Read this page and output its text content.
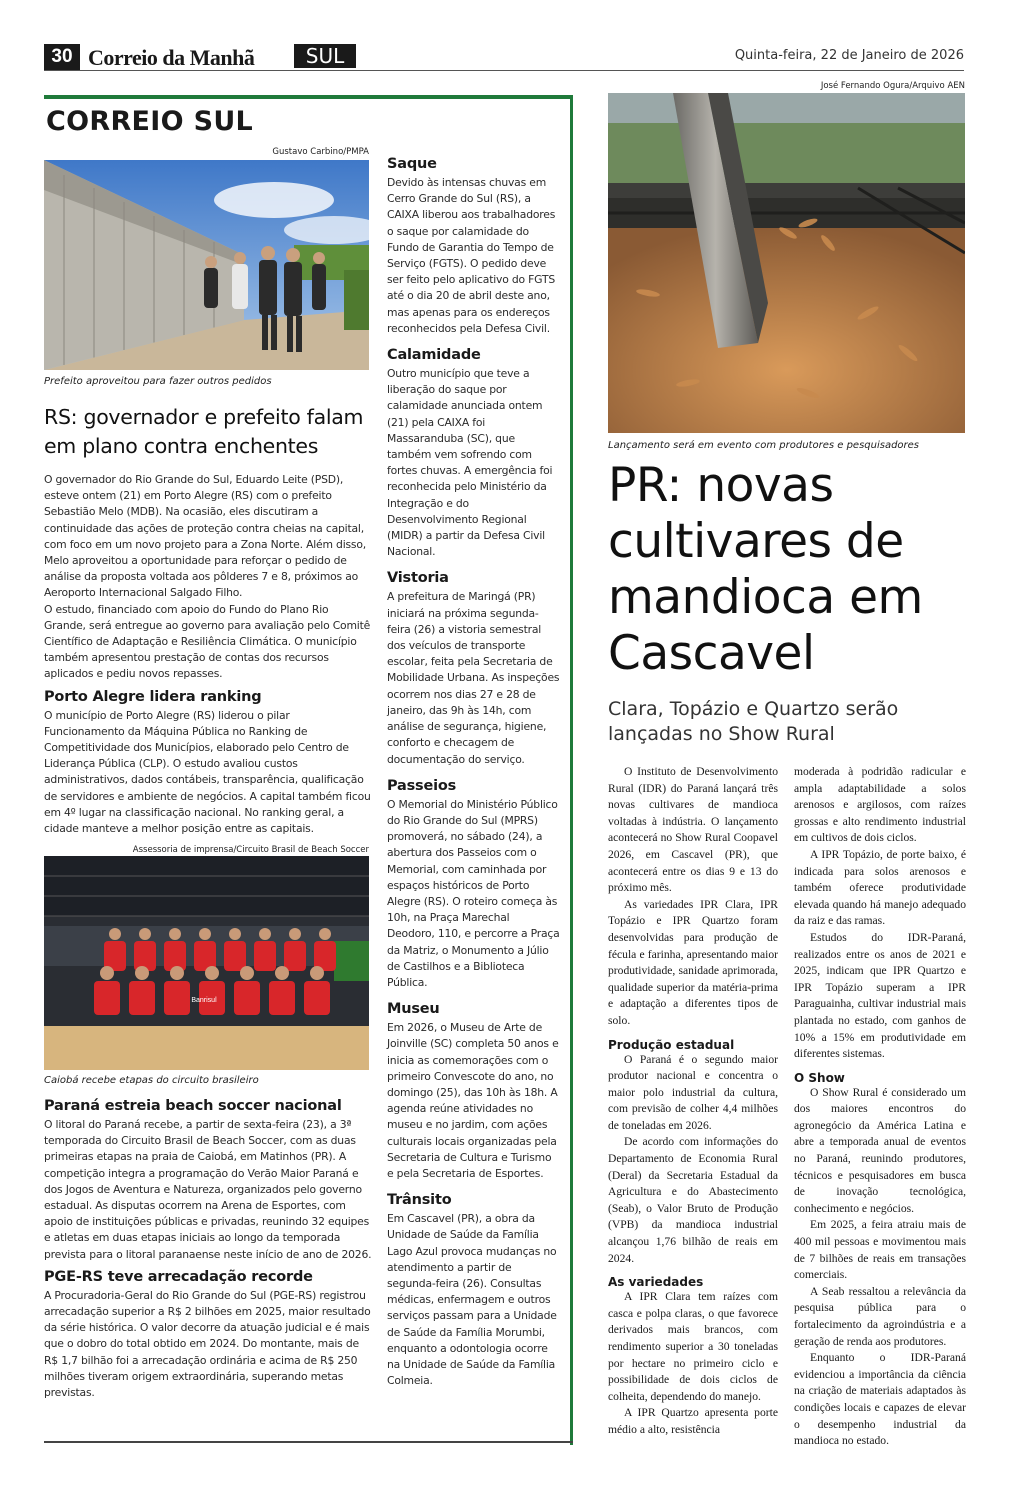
30 Correio da Manhã	SUL	Quinta-feira, 22 de Janeiro de 2026
CORREIO SUL
Gustavo Carbino/PMPA
Prefeito aproveitou para fazer outros pedidos
RS: governador e prefeito falam em plano contra enchentes

O governador do Rio Grande do Sul, Eduardo Leite (PSD), esteve ontem (21) em Porto Alegre (RS) com o prefeito Sebastião Melo (MDB). Na ocasião, eles discutiram a continuidade das ações de proteção contra cheias na capital, com foco em um novo projeto para a Zona Norte. Além disso, Melo aproveitou a oportunidade para reforçar o pedido de análise da proposta voltada aos pôlderes 7 e 8, próximos ao Aeroporto Internacional Salgado Filho.

O estudo, financiado com apoio do Fundo do Plano Rio Grande, será entregue ao governo para avaliação pelo Comitê Científico de Adaptação e Resiliência Climática. O município também apresentou prestação de contas dos recursos aplicados e pediu novos repasses.

Porto Alegre lidera ranking

O município de Porto Alegre (RS) liderou o pilar Funcionamento da Máquina Pública no Ranking de Competitividade dos Municípios, elaborado pelo Centro de Liderança Pública (CLP). O estudo avaliou custos administrativos, dados contábeis, transparência, qualificação de servidores e ambiente de negócios. A capital também ficou em 4º lugar na classificação nacional. No ranking geral, a cidade manteve a melhor posição entre as capitais.

Assessoria de imprensa/Circuito Brasil de Beach Soccer
Banrisul
Caiobá recebe etapas do circuito brasileiro
Paraná estreia beach soccer nacional

O litoral do Paraná recebe, a partir de sexta-feira (23), a 3ª temporada do Circuito Brasil de Beach Soccer, com as duas primeiras etapas na praia de Caiobá, em Matinhos (PR). A competição integra a programação do Verão Maior Paraná e dos Jogos de Aventura e Natureza, organizados pelo governo estadual. As disputas ocorrem na Arena de Esportes, com apoio de instituições públicas e privadas, reunindo 32 equipes e atletas em duas etapas iniciais ao longo da temporada prevista para o litoral paranaense neste início de ano de 2026.

PGE-RS teve arrecadação recorde

A Procuradoria-Geral do Rio Grande do Sul (PGE-RS) registrou arrecadação superior a R$ 2 bilhões em 2025, maior resultado da série histórica. O valor decorre da atuação judicial e é mais que o dobro do total obtido em 2024. Do montante, mais de R$ 1,7 bilhão foi a arrecadação ordinária e acima de R$ 250 milhões tiveram origem extraordinária, superando metas previstas.

Saque

Devido às intensas chuvas em Cerro Grande do Sul (RS), a CAIXA liberou aos trabalhadores o saque por calamidade do Fundo de Garantia do Tempo de Serviço (FGTS). O pedido deve ser feito pelo aplicativo do FGTS até o dia 20 de abril deste ano, mas apenas para os endereços reconhecidos pela Defesa Civil.

Calamidade

Outro município que teve a liberação do saque por calamidade anunciada ontem (21) pela CAIXA foi Massaranduba (SC), que também vem sofrendo com fortes chuvas. A emergência foi reconhecida pelo Ministério da Integração e do Desenvolvimento Regional (MIDR) a partir da Defesa Civil Nacional.

Vistoria

A prefeitura de Maringá (PR) iniciará na próxima segunda-feira (26) a vistoria semestral dos veículos de transporte escolar, feita pela Secretaria de Mobilidade Urbana. As inspeções ocorrem nos dias 27 e 28 de janeiro, das 9h às 14h, com análise de segurança, higiene, conforto e checagem de documentação do serviço.

Passeios

O Memorial do Ministério Público do Rio Grande do Sul (MPRS) promoverá, no sábado (24), a abertura dos Passeios com o Memorial, com caminhada por espaços históricos de Porto Alegre (RS). O roteiro começa às 10h, na Praça Marechal Deodoro, 110, e percorre a Praça da Matriz, o Monumento a Júlio de Castilhos e a Biblioteca Pública.

Museu

Em 2026, o Museu de Arte de Joinville (SC) completa 50 anos e inicia as comemorações com o primeiro Convescote do ano, no domingo (25), das 10h às 18h. A agenda reúne atividades no museu e no jardim, com ações culturais locais organizadas pela Secretaria de Cultura e Turismo e pela Secretaria de Esportes.

Trânsito

Em Cascavel (PR), a obra da Unidade de Saúde da Família Lago Azul provoca mudanças no atendimento a partir de segunda-feira (26). Consultas médicas, enfermagem e outros serviços passam para a Unidade de Saúde da Família Morumbi, enquanto a odontologia ocorre na Unidade de Saúde da Família Colmeia.

José Fernando Ogura/Arquivo AEN
Lançamento será em evento com produtores e pesquisadores
PR: novas cultivares de mandioca em Cascavel
Clara, Topázio e Quartzo serão lançadas no Show Rural

O Instituto de Desenvolvimento Rural (IDR) do Paraná lançará três novas cultivares de mandioca voltadas à indústria. O lançamento acontecerá no Show Rural Coopavel 2026, em Cascavel (PR), que acontecerá entre os dias 9 e 13 do próximo mês.

As variedades IPR Clara, IPR Topázio e IPR Quartzo foram desenvolvidas para produção de fécula e farinha, apresentando maior produtividade, sanidade aprimorada, qualidade superior da matéria-prima e adaptação a diferentes tipos de solo.

Produção estadual

O Paraná é o segundo maior produtor nacional e concentra o maior polo industrial da cultura, com previsão de colher 4,4 milhões de toneladas em 2026.

De acordo com informações do Departamento de Economia Rural (Deral) da Secretaria Estadual da Agricultura e do Abastecimento (Seab), o Valor Bruto de Produção (VPB) da mandioca industrial alcançou 1,76 bilhão de reais em 2024.

As variedades

A IPR Clara tem raízes com casca e polpa claras, o que favorece derivados mais brancos, com rendimento superior a 30 toneladas por hectare no primeiro ciclo e possibilidade de dois ciclos de colheita, dependendo do manejo.

A IPR Quartzo apresenta porte médio a alto, resistência

moderada à podridão radicular e ampla adaptabilidade a solos arenosos e argilosos, com raízes grossas e alto rendimento industrial em cultivos de dois ciclos.

A IPR Topázio, de porte baixo, é indicada para solos arenosos e também oferece produtividade elevada quando há manejo adequado da raiz e das ramas.

Estudos do IDR-Paraná, realizados entre os anos de 2021 e 2025, indicam que IPR Quartzo e IPR Topázio superam a IPR Paraguainha, cultivar industrial mais plantada no estado, com ganhos de 10% a 15% em produtividade em diferentes sistemas.

O Show

O Show Rural é considerado um dos maiores encontros do agronegócio da América Latina e abre a temporada anual de eventos no Paraná, reunindo produtores, técnicos e pesquisadores em busca de inovação tecnológica, conhecimento e negócios.

Em 2025, a feira atraiu mais de 400 mil pessoas e movimentou mais de 7 bilhões de reais em transações comerciais.

A Seab ressaltou a relevância da pesquisa pública para o fortalecimento da agroindústria e a geração de renda aos produtores.

Enquanto o IDR-Paraná evidenciou a importância da ciência na criação de materiais adaptados às condições locais e capazes de elevar o desempenho industrial da mandioca no estado.
